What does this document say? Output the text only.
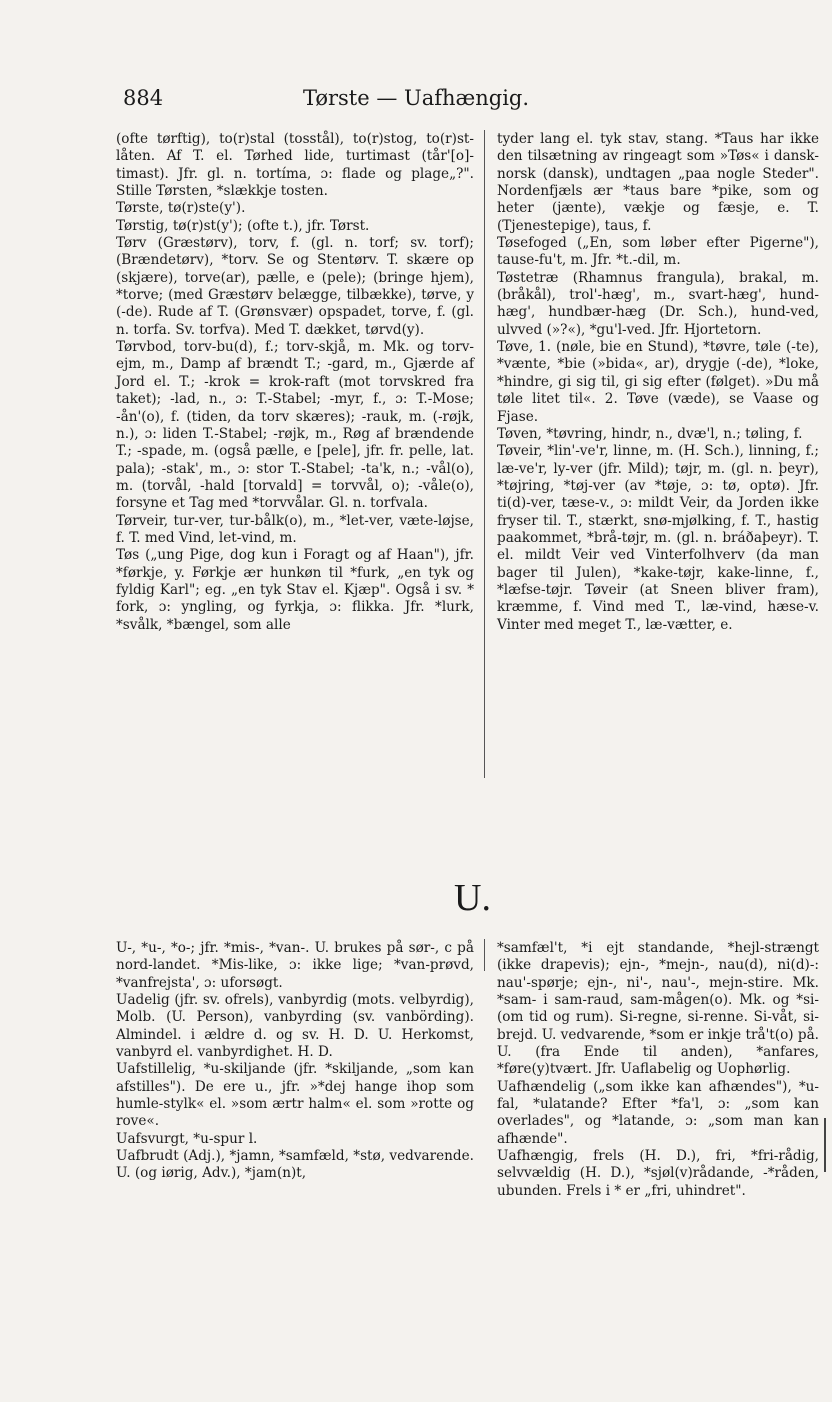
884	Tørste — Uafhængig.

(ofte tørftig), to(r)stal (tosstål), to(r)stog, to(r)st-låten. Af T. el. Tørhed lide, turtimast (tår'[o]-timast). Jfr. gl. n. tortíma, ɔ: flade og plage„?". Stille Tørsten, *slækkje tosten.

Tørste, tø(r)ste(y').

Tørstig, tø(r)st(y'); (ofte t.), jfr. Tørst.

Tørv (Græstørv), torv, f. (gl. n. torf; sv. torf); (Brændetørv), *torv. Se og Stentørv. T. skære op (skjære), torve(ar), pælle, e (pele); (bringe hjem), *torve; (med Græstørv belægge, tilbække), tørve, y (-de). Rude af T. (Grønsvær) opspadet, torve, f. (gl. n. torfa. Sv. torfva). Med T. dækket, tørvd(y).

Tørvbod, torv-bu(d), f.; torv-skjå, m. Mk. og torv-ejm, m., Damp af brændt T.; -gard, m., Gjærde af Jord el. T.; -krok = krok-raft (mot torvskred fra taket); -lad, n., ɔ: T.-Stabel; -myr, f., ɔ: T.-Mose; -ån'(o), f. (tiden, da torv skæres); -rauk, m. (-røjk, n.), ɔ: liden T.-Stabel; -røjk, m., Røg af brændende T.; -spade, m. (også pælle, e [pele], jfr. fr. pelle, lat. pala); -stak', m., ɔ: stor T.-Stabel; -ta'k, n.; -vål(o), m. (torvål, -hald [torvald] = torvvål, o); -våle(o), forsyne et Tag med *torvvålar. Gl. n. torfvala.

Tørveir, tur-ver, tur-bålk(o), m., *let-ver, væte-løjse, f. T. med Vind, let-vind, m.

Tøs („ung Pige, dog kun i Foragt og af Haan"), jfr. *førkje, y. Førkje ær hunkøn til *furk, „en tyk og fyldig Karl"; eg. „en tyk Stav el. Kjæp". Også i sv. * fork, ɔ: yngling, og fyrkja, ɔ: flikka. Jfr. *lurk, *svålk, *bængel, som alle

tyder lang el. tyk stav, stang. *Taus har ikke den tilsætning av ringeagt som »Tøs« i dansk-norsk (dansk), undtagen „paa nogle Steder". Nordenfjæls ær *taus bare *pike, som og heter (jænte), vækje og fæsje, e. T. (Tjenestepige), taus, f.

Tøsefoged („En, som løber efter Pigerne"), tause-fu't, m. Jfr. *t.-dil, m.

Tøstetræ (Rhamnus frangula), brakal, m. (bråkål), trol'-hæg', m., svart-hæg', hund-hæg', hundbær-hæg (Dr. Sch.), hund-ved, ulvved (»?«), *gu'l-ved. Jfr. Hjortetorn.

Tøve, 1. (nøle, bie en Stund), *tøvre, tøle (-te), *vænte, *bie (»bida«, ar), drygje (-de), *loke, *hindre, gi sig til, gi sig efter (følget). »Du må tøle litet til«. 2. Tøve (væde), se Vaase og Fjase.

Tøven, *tøvring, hindr, n., dvæ'l, n.; tøling, f.

Tøveir, *lin'-ve'r, linne, m. (H. Sch.), linning, f.; læ-ve'r, ly-ver (jfr. Mild); tøjr, m. (gl. n. þeyr), *tøjring, *tøj-ver (av *tøje, ɔ: tø, optø). Jfr. ti(d)-ver, tæse-v., ɔ: mildt Veir, da Jorden ikke fryser til. T., stærkt, snø-mjølking, f. T., hastig paakommet, *brå-tøjr, m. (gl. n. bráðaþeyr). T. el. mildt Veir ved Vinterfolhverv (da man bager til Julen), *kake-tøjr, kake-linne, f., *læfse-tøjr. Tøveir (at Sneen bliver fram), kræmme, f. Vind med T., læ-vind, hæse-v. Vinter med meget T., læ-vætter, e.

U.

U-, *u-, *o-; jfr. *mis-, *van-. U. brukes på sør-, c på nord-landet. *Mis-like, ɔ: ikke lige; *van-prøvd, *vanfrejsta', ɔ: uforsøgt.

Uadelig (jfr. sv. ofrels), vanbyrdig (mots. velbyrdig), Molb. (U. Person), vanbyrding (sv. vanbörding). Almindel. i ældre d. og sv. H. D. U. Herkomst, vanbyrd el. vanbyrdighet. H. D.

Uafstillelig, *u-skiljande (jfr. *skiljande, „som kan afstilles"). De ere u., jfr. »*dej hange ihop som humle-stylk« el. »som ærtr halm« el. som »rotte og rove«.

Uafsvurgt, *u-spur l.

Uafbrudt (Adj.), *jamn, *samfæld, *stø, vedvarende. U. (og iørig, Adv.), *jam(n)t,

*samfæl't, *i ejt standande, *hejl-strængt (ikke drapevis); ejn-, *mejn-, nau(d), ni(d)-: nau'-spørje; ejn-, ni'-, nau'-, mejn-stire. Mk. *sam- i sam-raud, sam-mågen(o). Mk. og *si- (om tid og rum). Si-regne, si-renne. Si-våt, si-brejd. U. vedvarende, *som er inkje trå't(o) på. U. (fra Ende til anden), *anfares, *føre(y)tvært. Jfr. Uaflabelig og Uophørlig.

Uafhændelig („som ikke kan afhændes"), *u-fal, *ulatande? Efter *fa'l, ɔ: „som kan overlades", og *latande, ɔ: „som man kan afhænde".

Uafhængig, frels (H. D.), fri, *fri-rådig, selvvældig (H. D.), *sjøl(v)rådande, -*råden, ubunden. Frels i * er „fri, uhindret".
